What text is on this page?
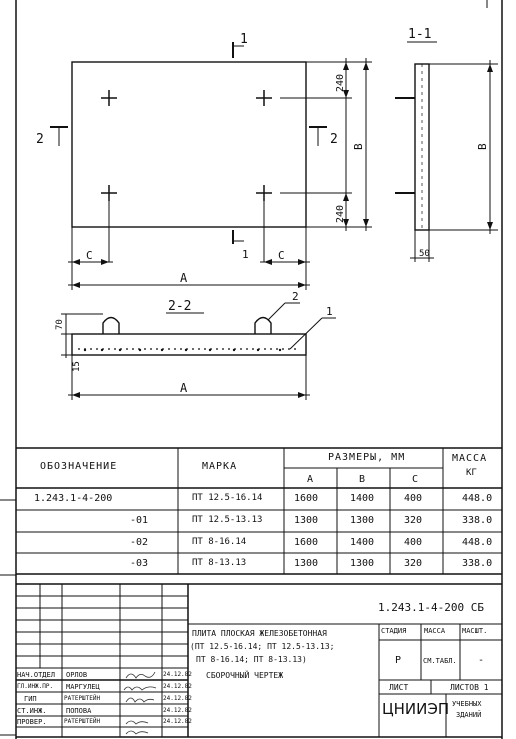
1
1
1-1
2	2
2-2
240
240
B	B
C	C
A
A
50
70
15
2
1
ОБОЗНАЧЕНИЕ	МАРКА
РАЗМЕРЫ, ММ	МАССА
КГ
А	В	С
1.243.1-4-200	ПТ 12.5-16.14	1600	1400	400	448.0
-01	ПТ 12.5-13.13	1300	1300	320	338.0
-02	ПТ 8-16.14	1600	1400	400	448.0
-03	ПТ 8-13.13	1300	1300	320	338.0
1.243.1-4-200 СБ
ПЛИТА ПЛОСКАЯ ЖЕЛЕЗОБЕТОННАЯ
(ПТ 12.5-16.14; ПТ 12.5-13.13;
ПТ 8-16.14; ПТ 8-13.13)
СБОРОЧНЫЙ ЧЕРТЕЖ
СТАДИЯ	МАССА МАСШТ.
Р	СМ.ТАБЛ. -
ЛИСТ	ЛИСТОВ 1
ЦНИИЭП УЧЕБНЫХ
ЗДАНИЙ
НАЧ.ОТДЕЛ ОРЛОВ	24.12.82
ГЛ.ИНЖ.ПР. МАРГУЛЕЦ	24.12.82
ГИП	РАТЕРШТЕЙН	24.12.82
СТ.ИНЖ.	ПОПОВА	24.12.82
ПРОВЕР.	РАТЕРШТЕЙН	24.12.82
